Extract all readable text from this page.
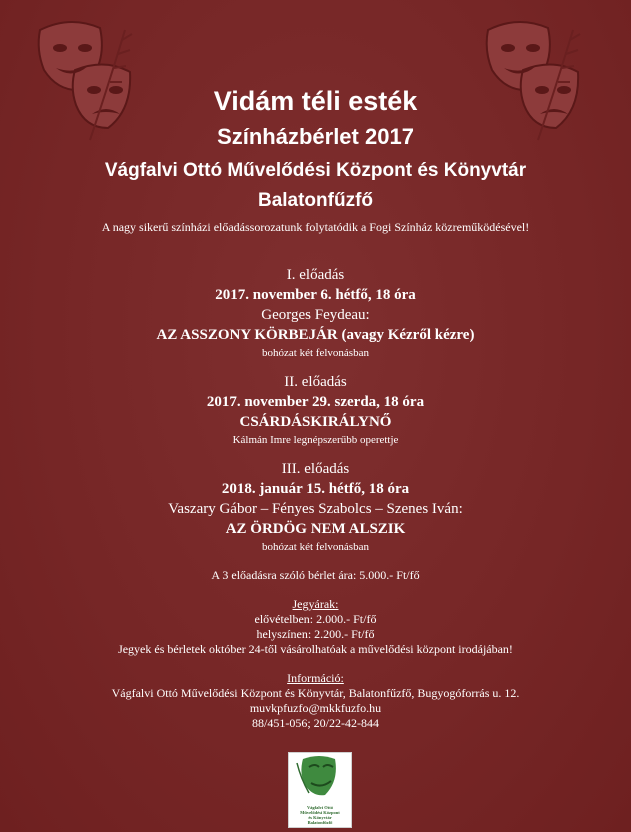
Vidám téli esték
Színházbérlet 2017
Vágfalvi Ottó Művelődési Központ és Könyvtár
Balatonfűzfő
A nagy sikerű színházi előadássorozatunk folytatódik a Fogi Színház közreműködésével!
I. előadás
2017. november 6. hétfő, 18 óra
Georges Feydeau:
AZ ASSZONY KÖRBEJÁR (avagy Kézről kézre)
bohózat két felvonásban
II. előadás
2017. november 29. szerda, 18 óra
CSÁRDÁSKIRÁLYNŐ
Kálmán Imre legnépszerűbb operettje
III. előadás
2018. január 15. hétfő, 18 óra
Vaszary Gábor – Fényes Szabolcs – Szenes Iván:
AZ ÖRDÖG NEM ALSZIK
bohózat két felvonásban
A 3 előadásra szóló bérlet ára: 5.000.- Ft/fő
Jegyárak:
elővételben: 2.000.- Ft/fő
helyszínen: 2.200.- Ft/fő
Jegyek és bérletek október 24-től vásárolhatóak a művelődési központ irodájában!
Információ:
Vágfalvi Ottó Művelődési Központ és Könyvtár, Balatonfűzfő, Bugyogóforrás u. 12.
muvkpfuzfo@mkkfuzfo.hu
88/451-056; 20/22-42-844
Vágfalvi Ottó
Művelődési Központ
és Könyvtár
Balatonfűzfő
